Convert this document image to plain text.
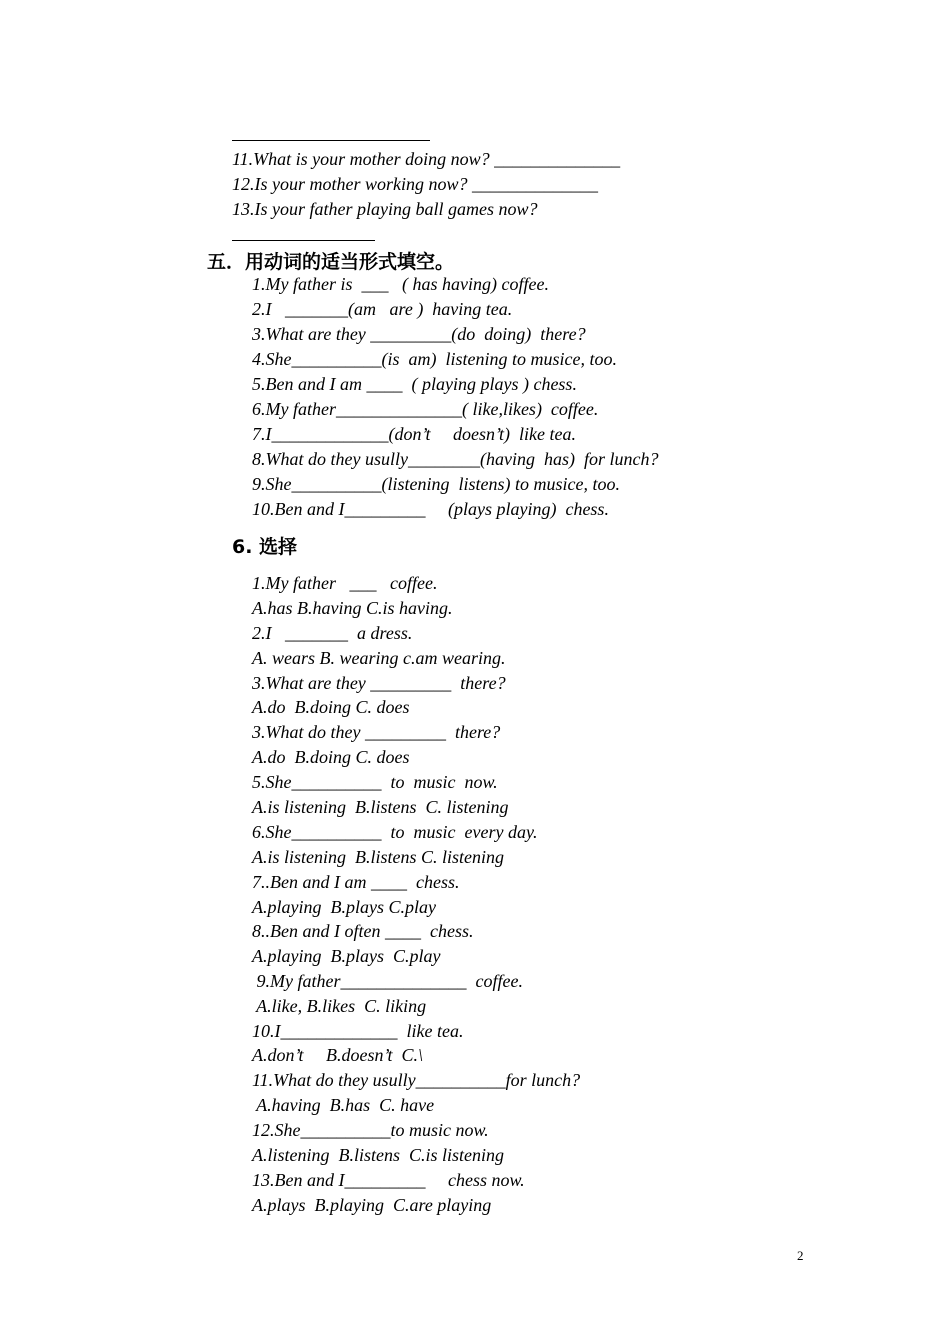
11.What is your mother doing now? ______________
12.Is your mother working now? ______________
13.Is your father playing ball games now?
五．用动词的适当形式填空。
1.My father is  ___   ( has having) coffee.
2.I   _______(am   are )  having tea.
3.What are they _________(do  doing)  there?
4.She__________(is  am)  listening to musice, too.
5.Ben and I am ____  ( playing plays ) chess.
6.My father______________( like,likes)  coffee.
7.I_____________(don’t     doesn’t)  like tea.
8.What do they usully________(having  has)  for lunch?
9.She__________(listening  listens) to musice, too.
10.Ben and I_________     (plays playing)  chess.
6. 选择
1.My father   ___   coffee.
A.has B.having C.is having.
2.I   _______  a dress.
A. wears B. wearing c.am wearing.
3.What are they _________  there?
A.do  B.doing C. does
3.What do they _________  there?
A.do  B.doing C. does
5.She__________  to  music  now.
A.is listening  B.listens  C. listening
6.She__________  to  music  every day.
A.is listening  B.listens C. listening
7..Ben and I am ____  chess.
A.playing  B.plays C.play
8..Ben and I often ____  chess.
A.playing  B.plays  C.play
9.My father______________  coffee.
A.like, B.likes  C. liking
10.I_____________  like tea.
A.don’t     B.doesn’t  C.\
11.What do they usully__________for lunch?
A.having  B.has  C. have
12.She__________to music now.
A.listening  B.listens  C.is listening
13.Ben and I_________     chess now.
A.plays  B.playing  C.are playing
2
